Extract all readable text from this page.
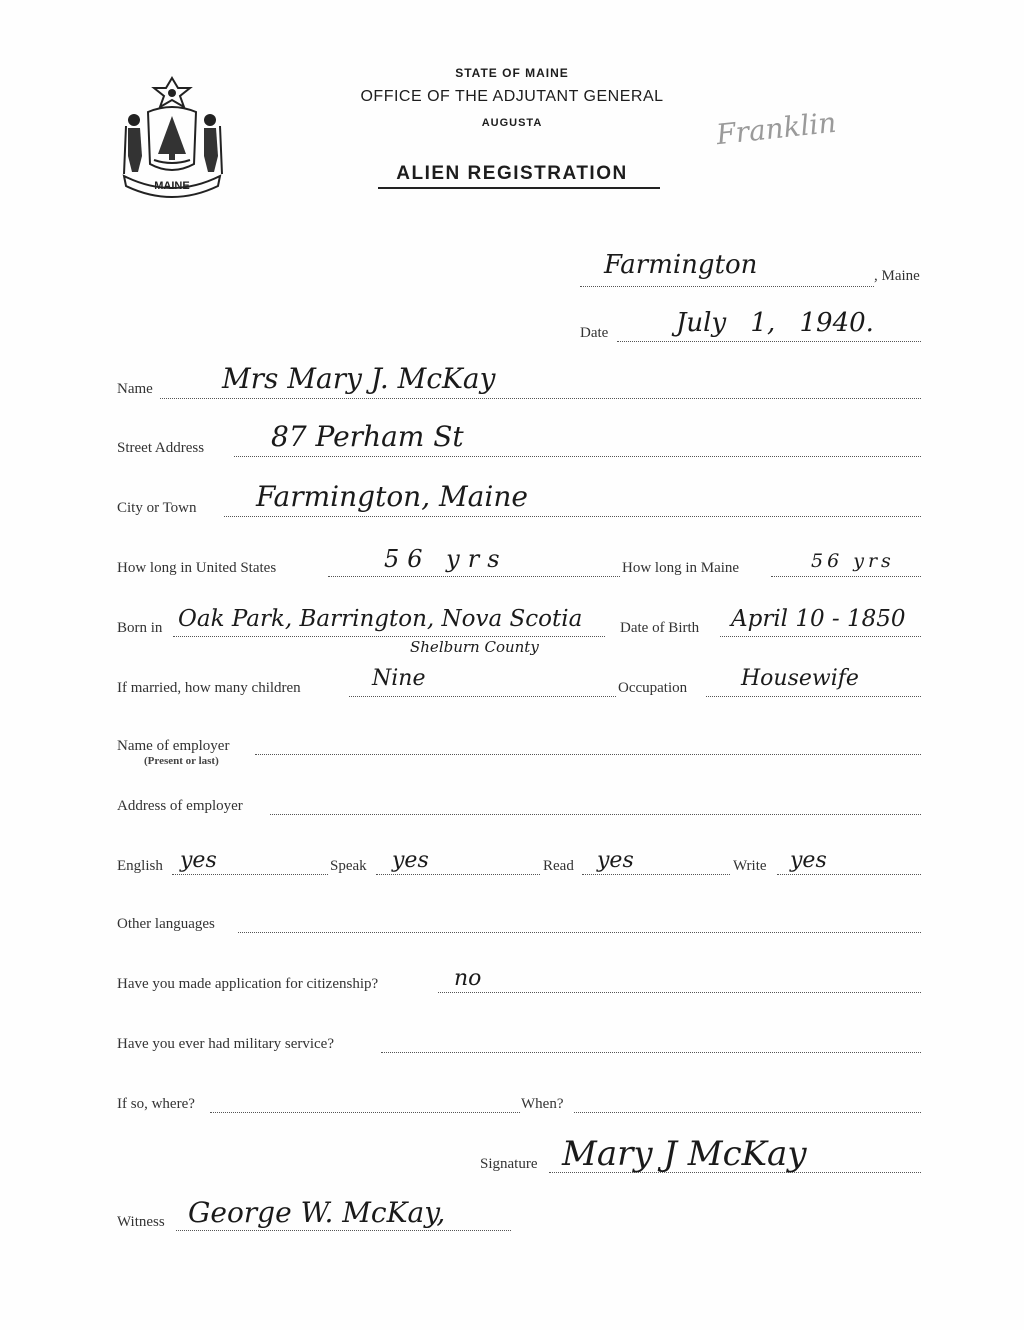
MAINE
STATE OF MAINE
OFFICE OF THE ADJUTANT GENERAL
AUGUSTA
ALIEN REGISTRATION
Franklin
Farmington	, Maine
Date	July 1, 1940.
Name Mrs Mary J. McKay
Street Address 87 Perham St
City or Town Farmington, Maine
How long in United States	56 yrs	How long in Maine	56 yrs
Born in Oak Park, Barrington, Nova Scotia
Shelburn County
Date of Birth April 10 - 1850
If married, how many children	Nine	Occupation Housewife
Name of employer
(Present or last)
Address of employer
English yes	Speak yes	Read yes	Write yes
Other languages
Have you made application for citizenship?	no
Have you ever had military service?
If so, where?	When?
Signature Mary J McKay
Witness George W. McKay,
